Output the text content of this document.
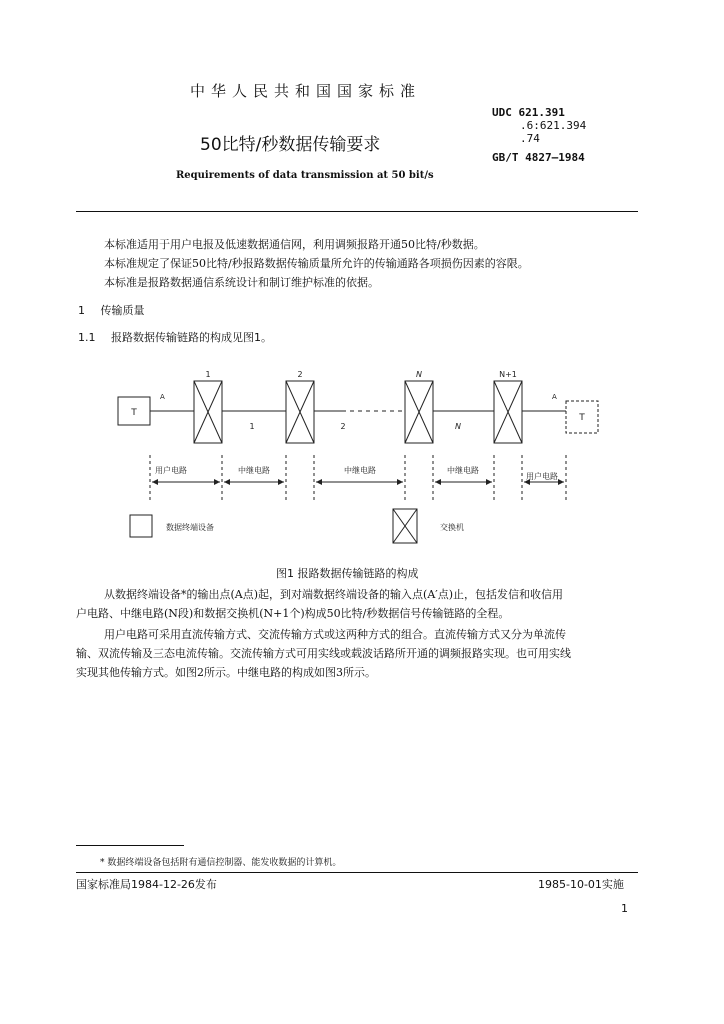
中华人民共和国国家标准
UDC 621.391
.6:621.394
.74
50比特/秒数据传输要求
GB/T 4827—1984
Requirements of data transmission at 50 bit/s
本标准适用于用户电报及低速数据通信网，利用调频报路开通50比特/秒数据。
本标准规定了保证50比特/秒报路数据传输质量所允许的传输通路各项损伤因素的容限。
本标准是报路数据通信系统设计和制订维护标准的依据。
1 传输质量
1.1 报路数据传输链路的构成见图1。
T	T
A	A
1	2	N	N+1
1	2	N
用户电路	中继电路	中继电路	中继电路
用户电路
数据终端设备	交换机
图1 报路数据传输链路的构成
从数据终端设备*的输出点(A点)起，到对端数据终端设备的输入点(A′点)止，包括发信和收信用
户电路、中继电路(N段)和数据交换机(N+1个)构成50比特/秒数据信号传输链路的全程。
用户电路可采用直流传输方式、交流传输方式或这两种方式的组合。直流传输方式又分为单流传
输、双流传输及三态电流传输。交流传输方式可用实线或载波话路所开通的调频报路实现。也可用实线
实现其他传输方式。如图2所示。中继电路的构成如图3所示。
* 数据终端设备包括附有通信控制器、能发收数据的计算机。
国家标准局1984-12-26发布	1985-10-01实施
1
